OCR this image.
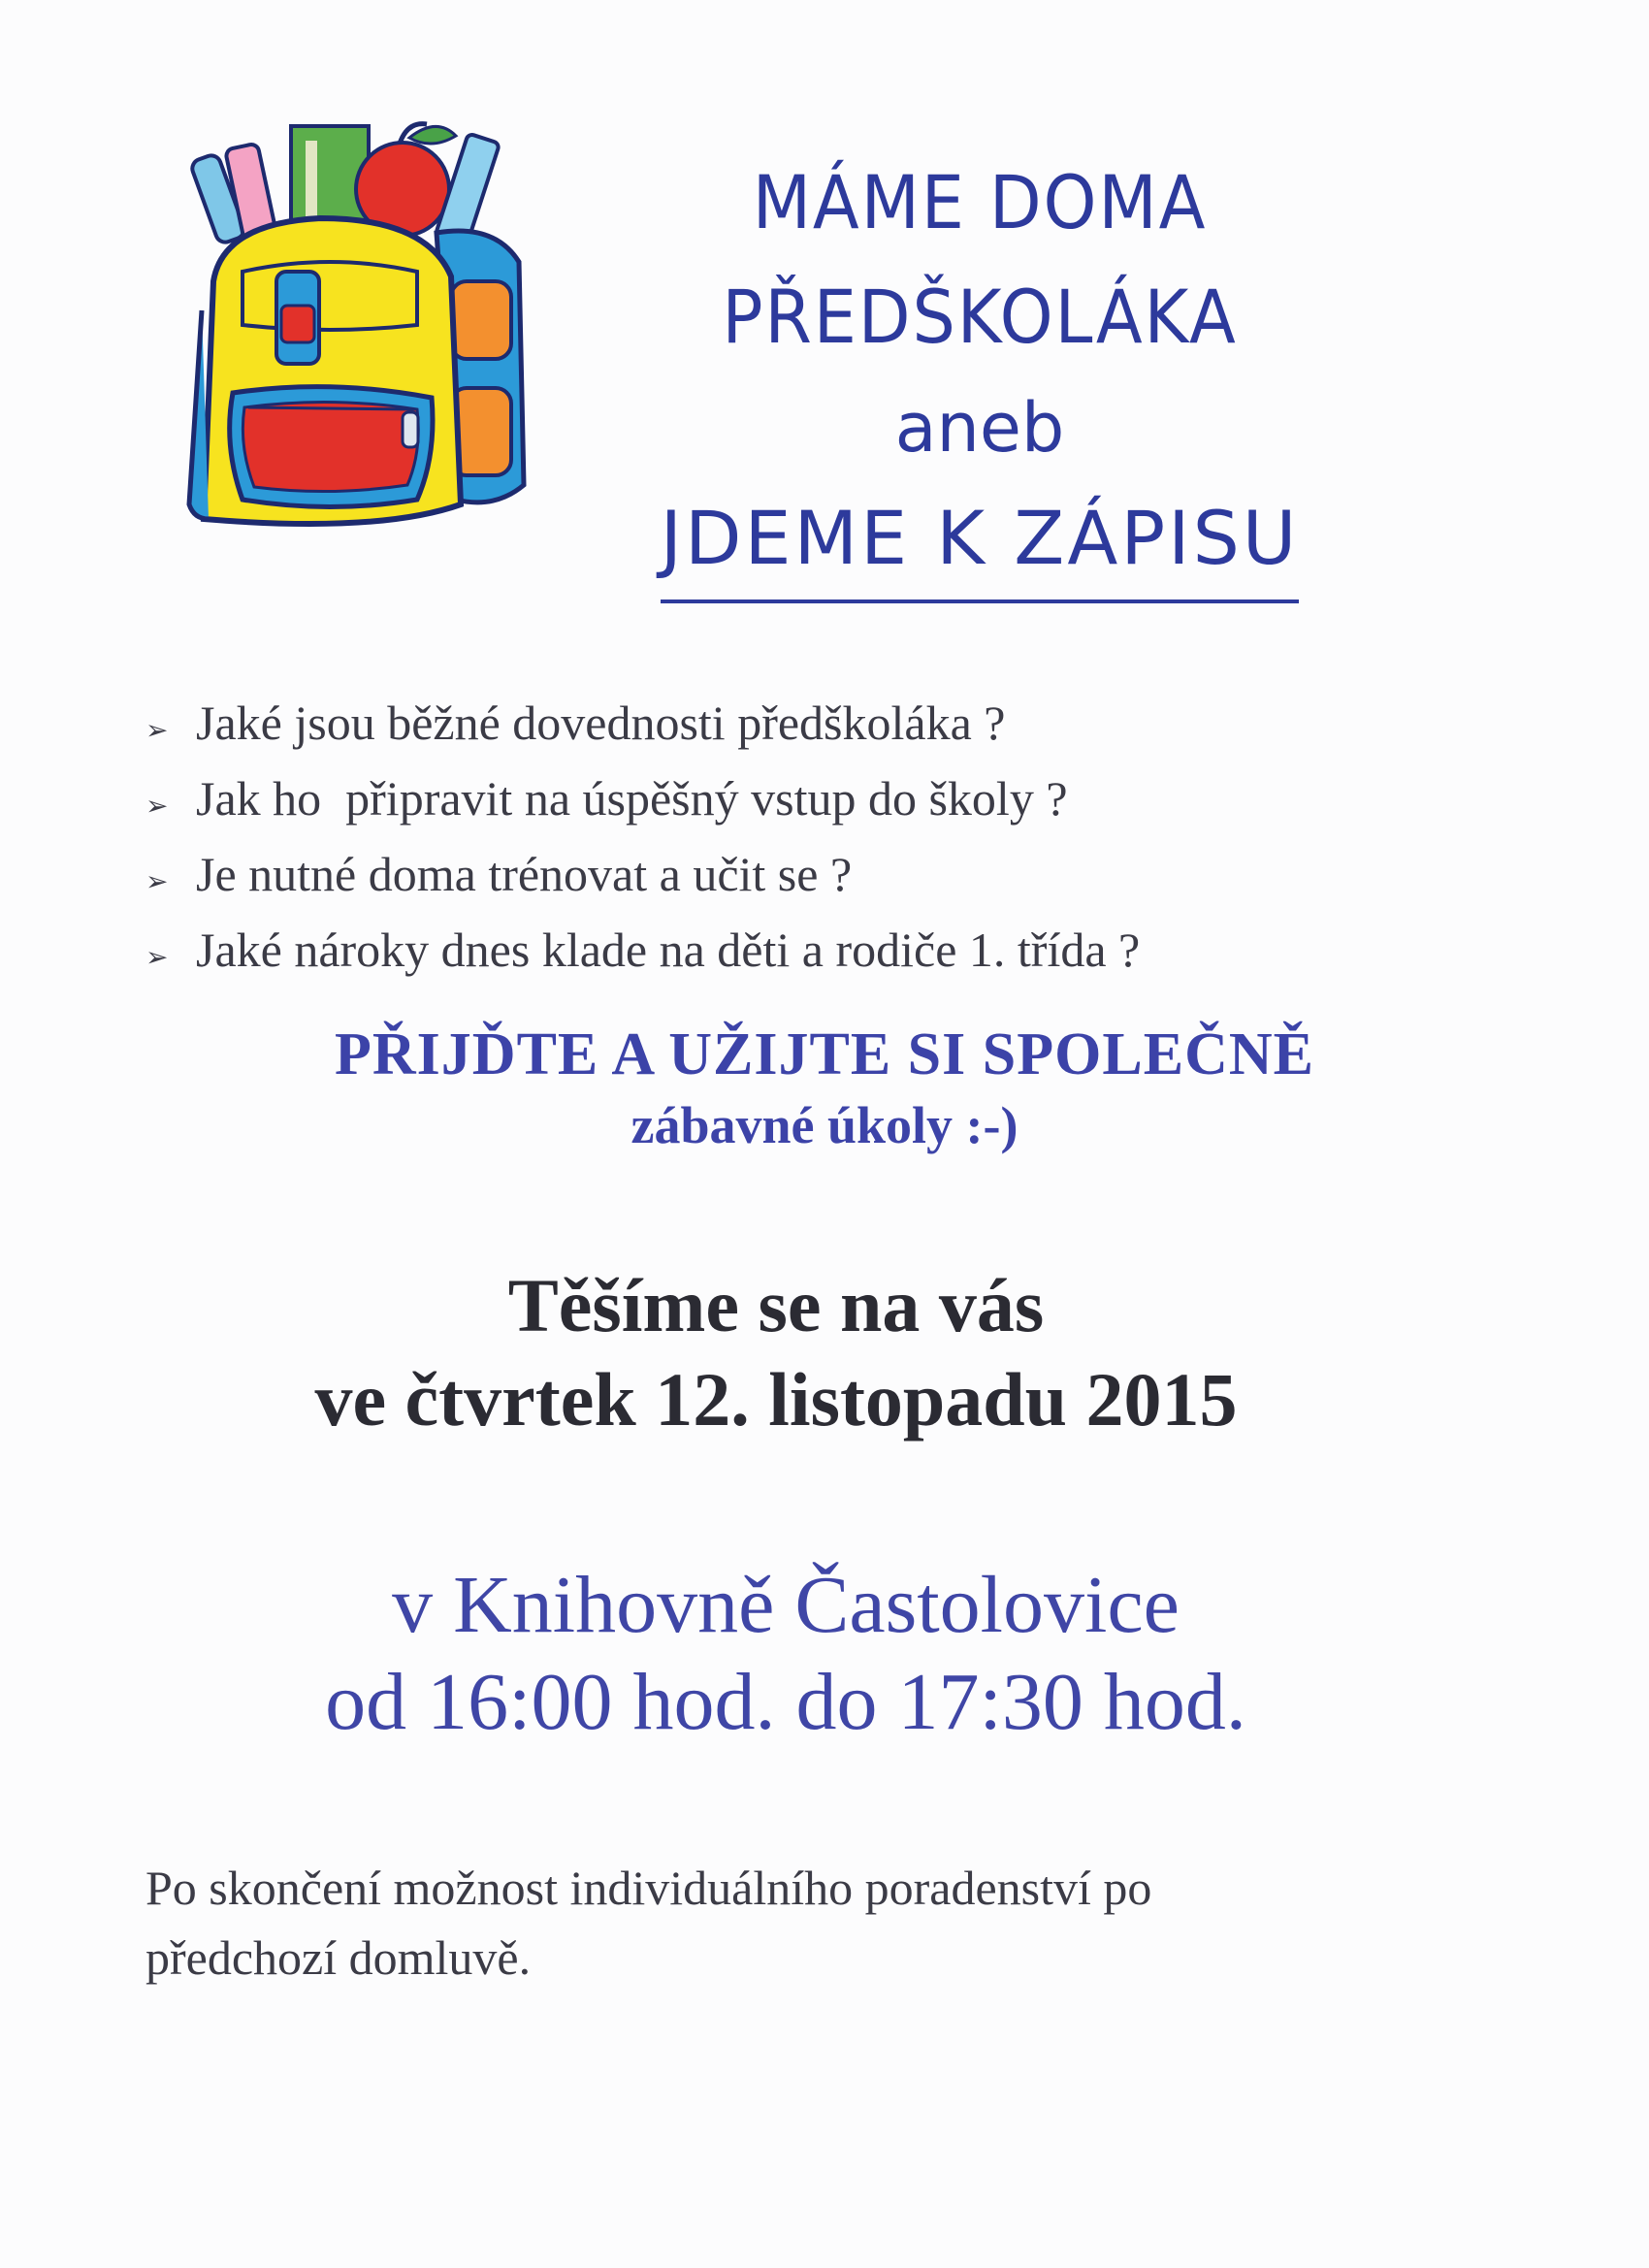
MÁME DOMA
PŘEDŠKOLÁKA
aneb
JDEME K ZÁPISU
➢ Jaké jsou běžné dovednosti předškoláka ?
➢ Jak ho  připravit na úspěšný vstup do školy ?
➢ Je nutné doma trénovat a učit se ?
➢ Jaké nároky dnes klade na děti a rodiče 1. třída ?
PŘIJĎTE A UŽIJTE SI SPOLEČNĚ
zábavné úkoly :-)
Těšíme se na vás
ve čtvrtek 12. listopadu 2015
v Knihovně Častolovice
od 16:00 hod. do 17:30 hod.
Po skončení možnost individuálního poradenství po
předchozí domluvě.
